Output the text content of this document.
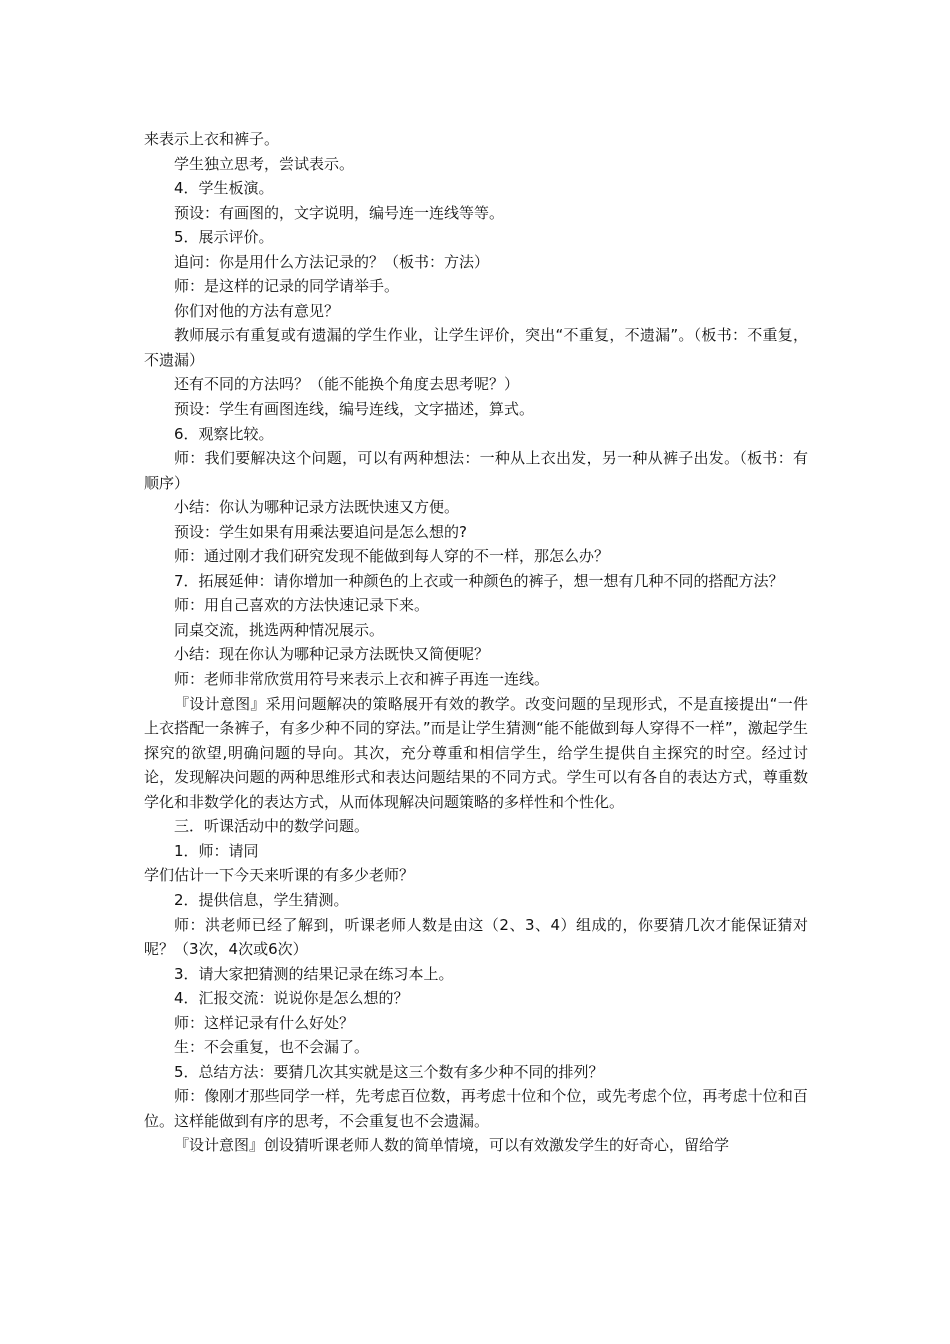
来表示上衣和裤子。

学生独立思考，尝试表示。

4．学生板演。

预设：有画图的，文字说明，编号连一连线等等。

5．展示评价。

追问：你是用什么方法记录的？（板书：方法）

师：是这样的记录的同学请举手。

你们对他的方法有意见？

教师展示有重复或有遗漏的学生作业，让学生评价，突出“不重复，不遗漏”。（板书：不重复，不遗漏）

还有不同的方法吗？（能不能换个角度去思考呢？）

预设：学生有画图连线，编号连线，文字描述，算式。

6．观察比较。

师：我们要解决这个问题，可以有两种想法：一种从上衣出发，另一种从裤子出发。（板书：有顺序）

小结：你认为哪种记录方法既快速又方便。

预设：学生如果有用乘法要追问是怎么想的?

师：通过刚才我们研究发现不能做到每人穿的不一样，那怎么办？

7．拓展延伸：请你增加一种颜色的上衣或一种颜色的裤子，想一想有几种不同的搭配方法？

师：用自己喜欢的方法快速记录下来。

同桌交流，挑选两种情况展示。

小结：现在你认为哪种记录方法既快又简便呢？

师：老师非常欣赏用符号来表示上衣和裤子再连一连线。

『设计意图』采用问题解决的策略展开有效的教学。改变问题的呈现形式，不是直接提出“一件上衣搭配一条裤子，有多少种不同的穿法。”而是让学生猜测“能不能做到每人穿得不一样”，激起学生探究的欲望,明确问题的导向。其次，充分尊重和相信学生，给学生提供自主探究的时空。经过讨论，发现解决问题的两种思维形式和表达问题结果的不同方式。学生可以有各自的表达方式，尊重数学化和非数学化的表达方式，从而体现解决问题策略的多样性和个性化。

三．听课活动中的数学问题。

1．师：请同

学们估计一下今天来听课的有多少老师？

2．提供信息，学生猜测。

师：洪老师已经了解到，听课老师人数是由这（2、3、4）组成的，你要猜几次才能保证猜对呢？（3次，4次或6次）

3．请大家把猜测的结果记录在练习本上。

4．汇报交流：说说你是怎么想的？

师：这样记录有什么好处？

生：不会重复，也不会漏了。

5．总结方法：要猜几次其实就是这三个数有多少种不同的排列？

师：像刚才那些同学一样，先考虑百位数，再考虑十位和个位，或先考虑个位，再考虑十位和百位。这样能做到有序的思考，不会重复也不会遗漏。

『设计意图』创设猜听课老师人数的简单情境，可以有效激发学生的好奇心，留给学
